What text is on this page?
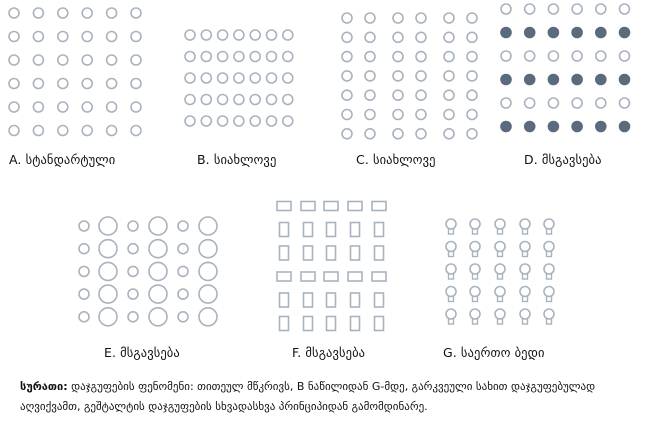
A. სტანდარტული	B. სიახლოვე	C. სიახლოვე	D. მსგავსება
E. მსგავსება	F. მსგავსება	G. საერთო ბედი
სურათი: დაჯგუფების ფენომენი: თითეულ მწკრივს, B ნაწილიდან G-მდე, გარკვეული სახით დაჯგუფებულად აღვიქვამთ, გეშტალტის დაჯგუფების სხვადასხვა პრინციპიდან გამომდინარე.
